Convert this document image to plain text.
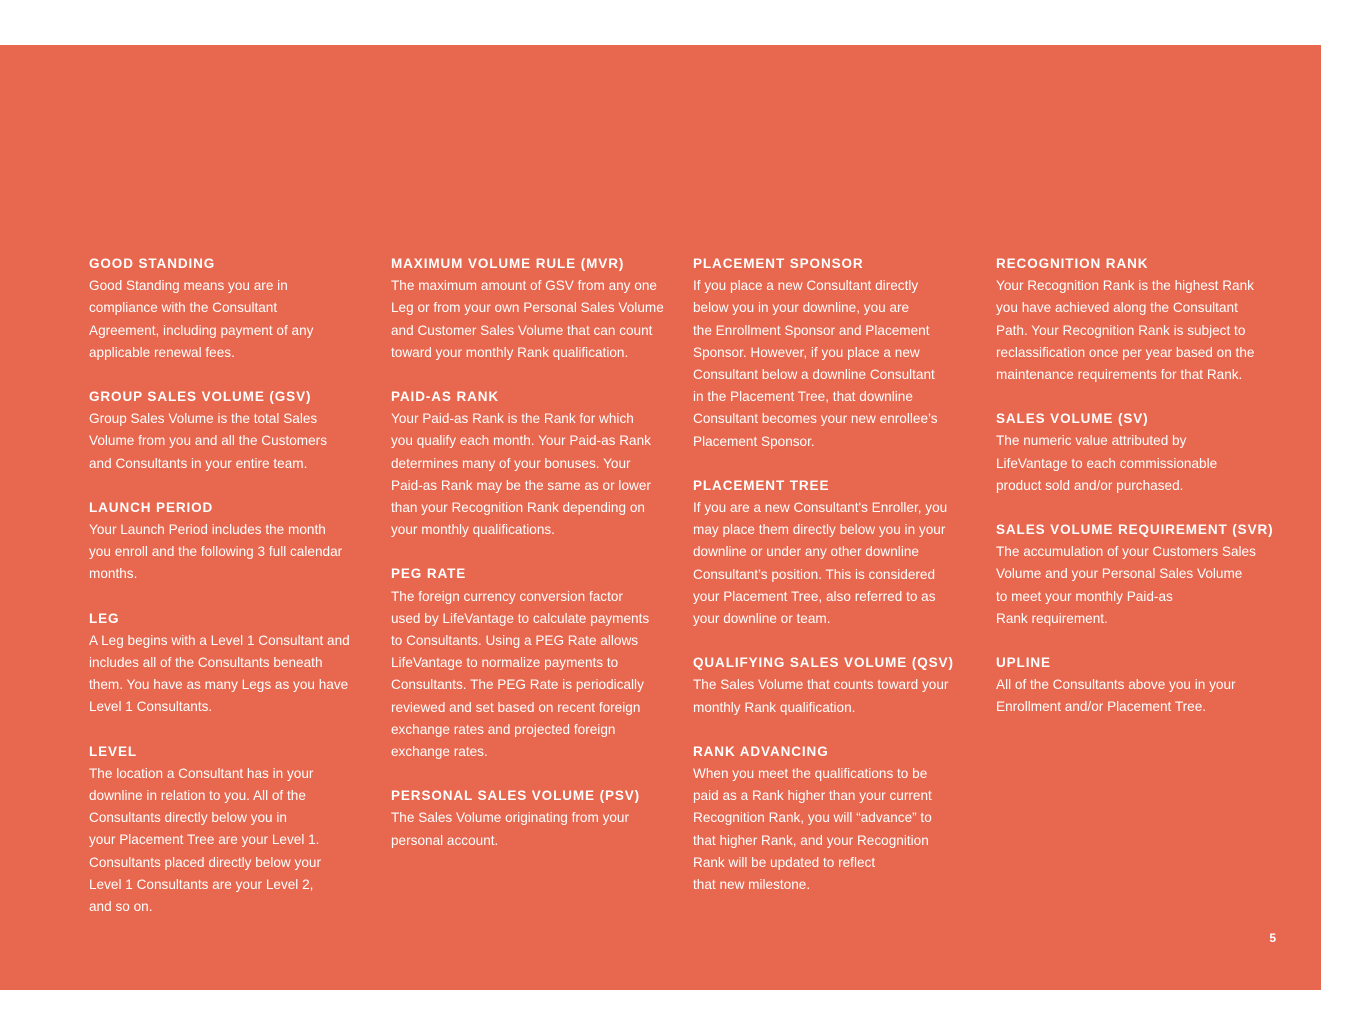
GOOD STANDING
Good Standing means you are in
compliance with the Consultant
Agreement, including payment of any
applicable renewal fees.
GROUP SALES VOLUME (GSV)
Group Sales Volume is the total Sales
Volume from you and all the Customers
and Consultants in your entire team.
LAUNCH PERIOD
Your Launch Period includes the month
you enroll and the following 3 full calendar
months.
LEG
A Leg begins with a Level 1 Consultant and
includes all of the Consultants beneath
them. You have as many Legs as you have
Level 1 Consultants.
LEVEL
The location a Consultant has in your
downline in relation to you. All of the
Consultants directly below you in
your Placement Tree are your Level 1.
Consultants placed directly below your
Level 1 Consultants are your Level 2,
and so on.
MAXIMUM VOLUME RULE (MVR)
The maximum amount of GSV from any one
Leg or from your own Personal Sales Volume
and Customer Sales Volume that can count
toward your monthly Rank qualification.
PAID-AS RANK
Your Paid-as Rank is the Rank for which
you qualify each month. Your Paid-as Rank
determines many of your bonuses. Your
Paid-as Rank may be the same as or lower
than your Recognition Rank depending on
your monthly qualifications.
PEG RATE
The foreign currency conversion factor
used by LifeVantage to calculate payments
to Consultants. Using a PEG Rate allows
LifeVantage to normalize payments to
Consultants. The PEG Rate is periodically
reviewed and set based on recent foreign
exchange rates and projected foreign
exchange rates.
PERSONAL SALES VOLUME (PSV)
The Sales Volume originating from your
personal account.
PLACEMENT SPONSOR
If you place a new Consultant directly
below you in your downline, you are
the Enrollment Sponsor and Placement
Sponsor. However, if you place a new
Consultant below a downline Consultant
in the Placement Tree, that downline
Consultant becomes your new enrollee’s
Placement Sponsor.
PLACEMENT TREE
If you are a new Consultant's Enroller, you
may place them directly below you in your
downline or under any other downline
Consultant’s position. This is considered
your Placement Tree, also referred to as
your downline or team.
QUALIFYING SALES VOLUME (QSV)
The Sales Volume that counts toward your
monthly Rank qualification.
RANK ADVANCING
When you meet the qualifications to be
paid as a Rank higher than your current
Recognition Rank, you will “advance” to
that higher Rank, and your Recognition
Rank will be updated to reflect
that new milestone.
RECOGNITION RANK
Your Recognition Rank is the highest Rank
you have achieved along the Consultant
Path. Your Recognition Rank is subject to
reclassification once per year based on the
maintenance requirements for that Rank.
SALES VOLUME (SV)
The numeric value attributed by
LifeVantage to each commissionable
product sold and/or purchased.
SALES VOLUME REQUIREMENT (SVR)
The accumulation of your Customers Sales
Volume and your Personal Sales Volume
to meet your monthly Paid-as
Rank requirement.
UPLINE
All of the Consultants above you in your
Enrollment and/or Placement Tree.
5
